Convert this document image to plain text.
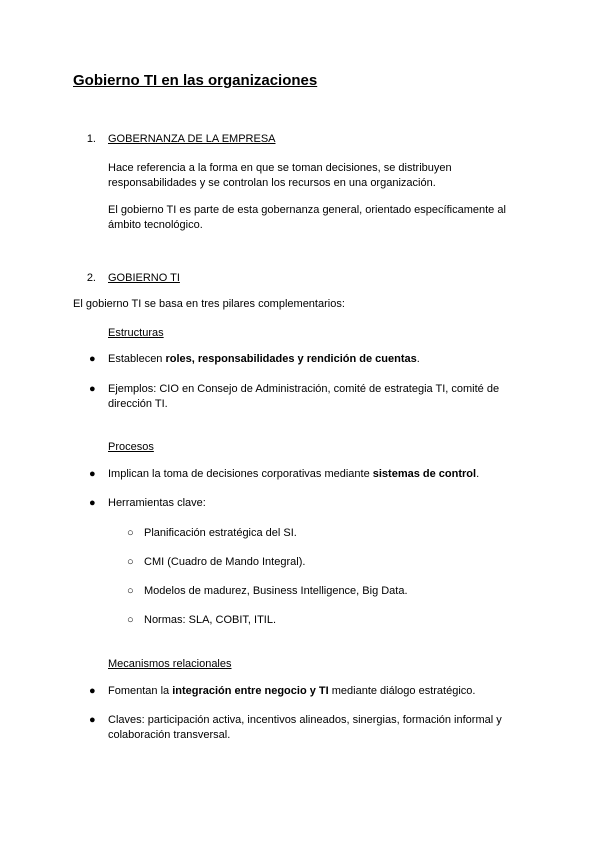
Gobierno TI en las organizaciones
1. GOBERNANZA DE LA EMPRESA
Hace referencia a la forma en que se toman decisiones, se distribuyen
responsabilidades y se controlan los recursos en una organización.
El gobierno TI es parte de esta gobernanza general, orientado específicamente al
ámbito tecnológico.
2. GOBIERNO TI
El gobierno TI se basa en tres pilares complementarios:
Estructuras
● Establecen roles, responsabilidades y rendición de cuentas.
● Ejemplos: CIO en Consejo de Administración, comité de estrategia TI, comité de
dirección TI.
Procesos
● Implican la toma de decisiones corporativas mediante sistemas de control.
● Herramientas clave:
○ Planificación estratégica del SI.
○ CMI (Cuadro de Mando Integral).
○ Modelos de madurez, Business Intelligence, Big Data.
○ Normas: SLA, COBIT, ITIL.
Mecanismos relacionales
● Fomentan la integración entre negocio y TI mediante diálogo estratégico.
● Claves: participación activa, incentivos alineados, sinergias, formación informal y
colaboración transversal.
